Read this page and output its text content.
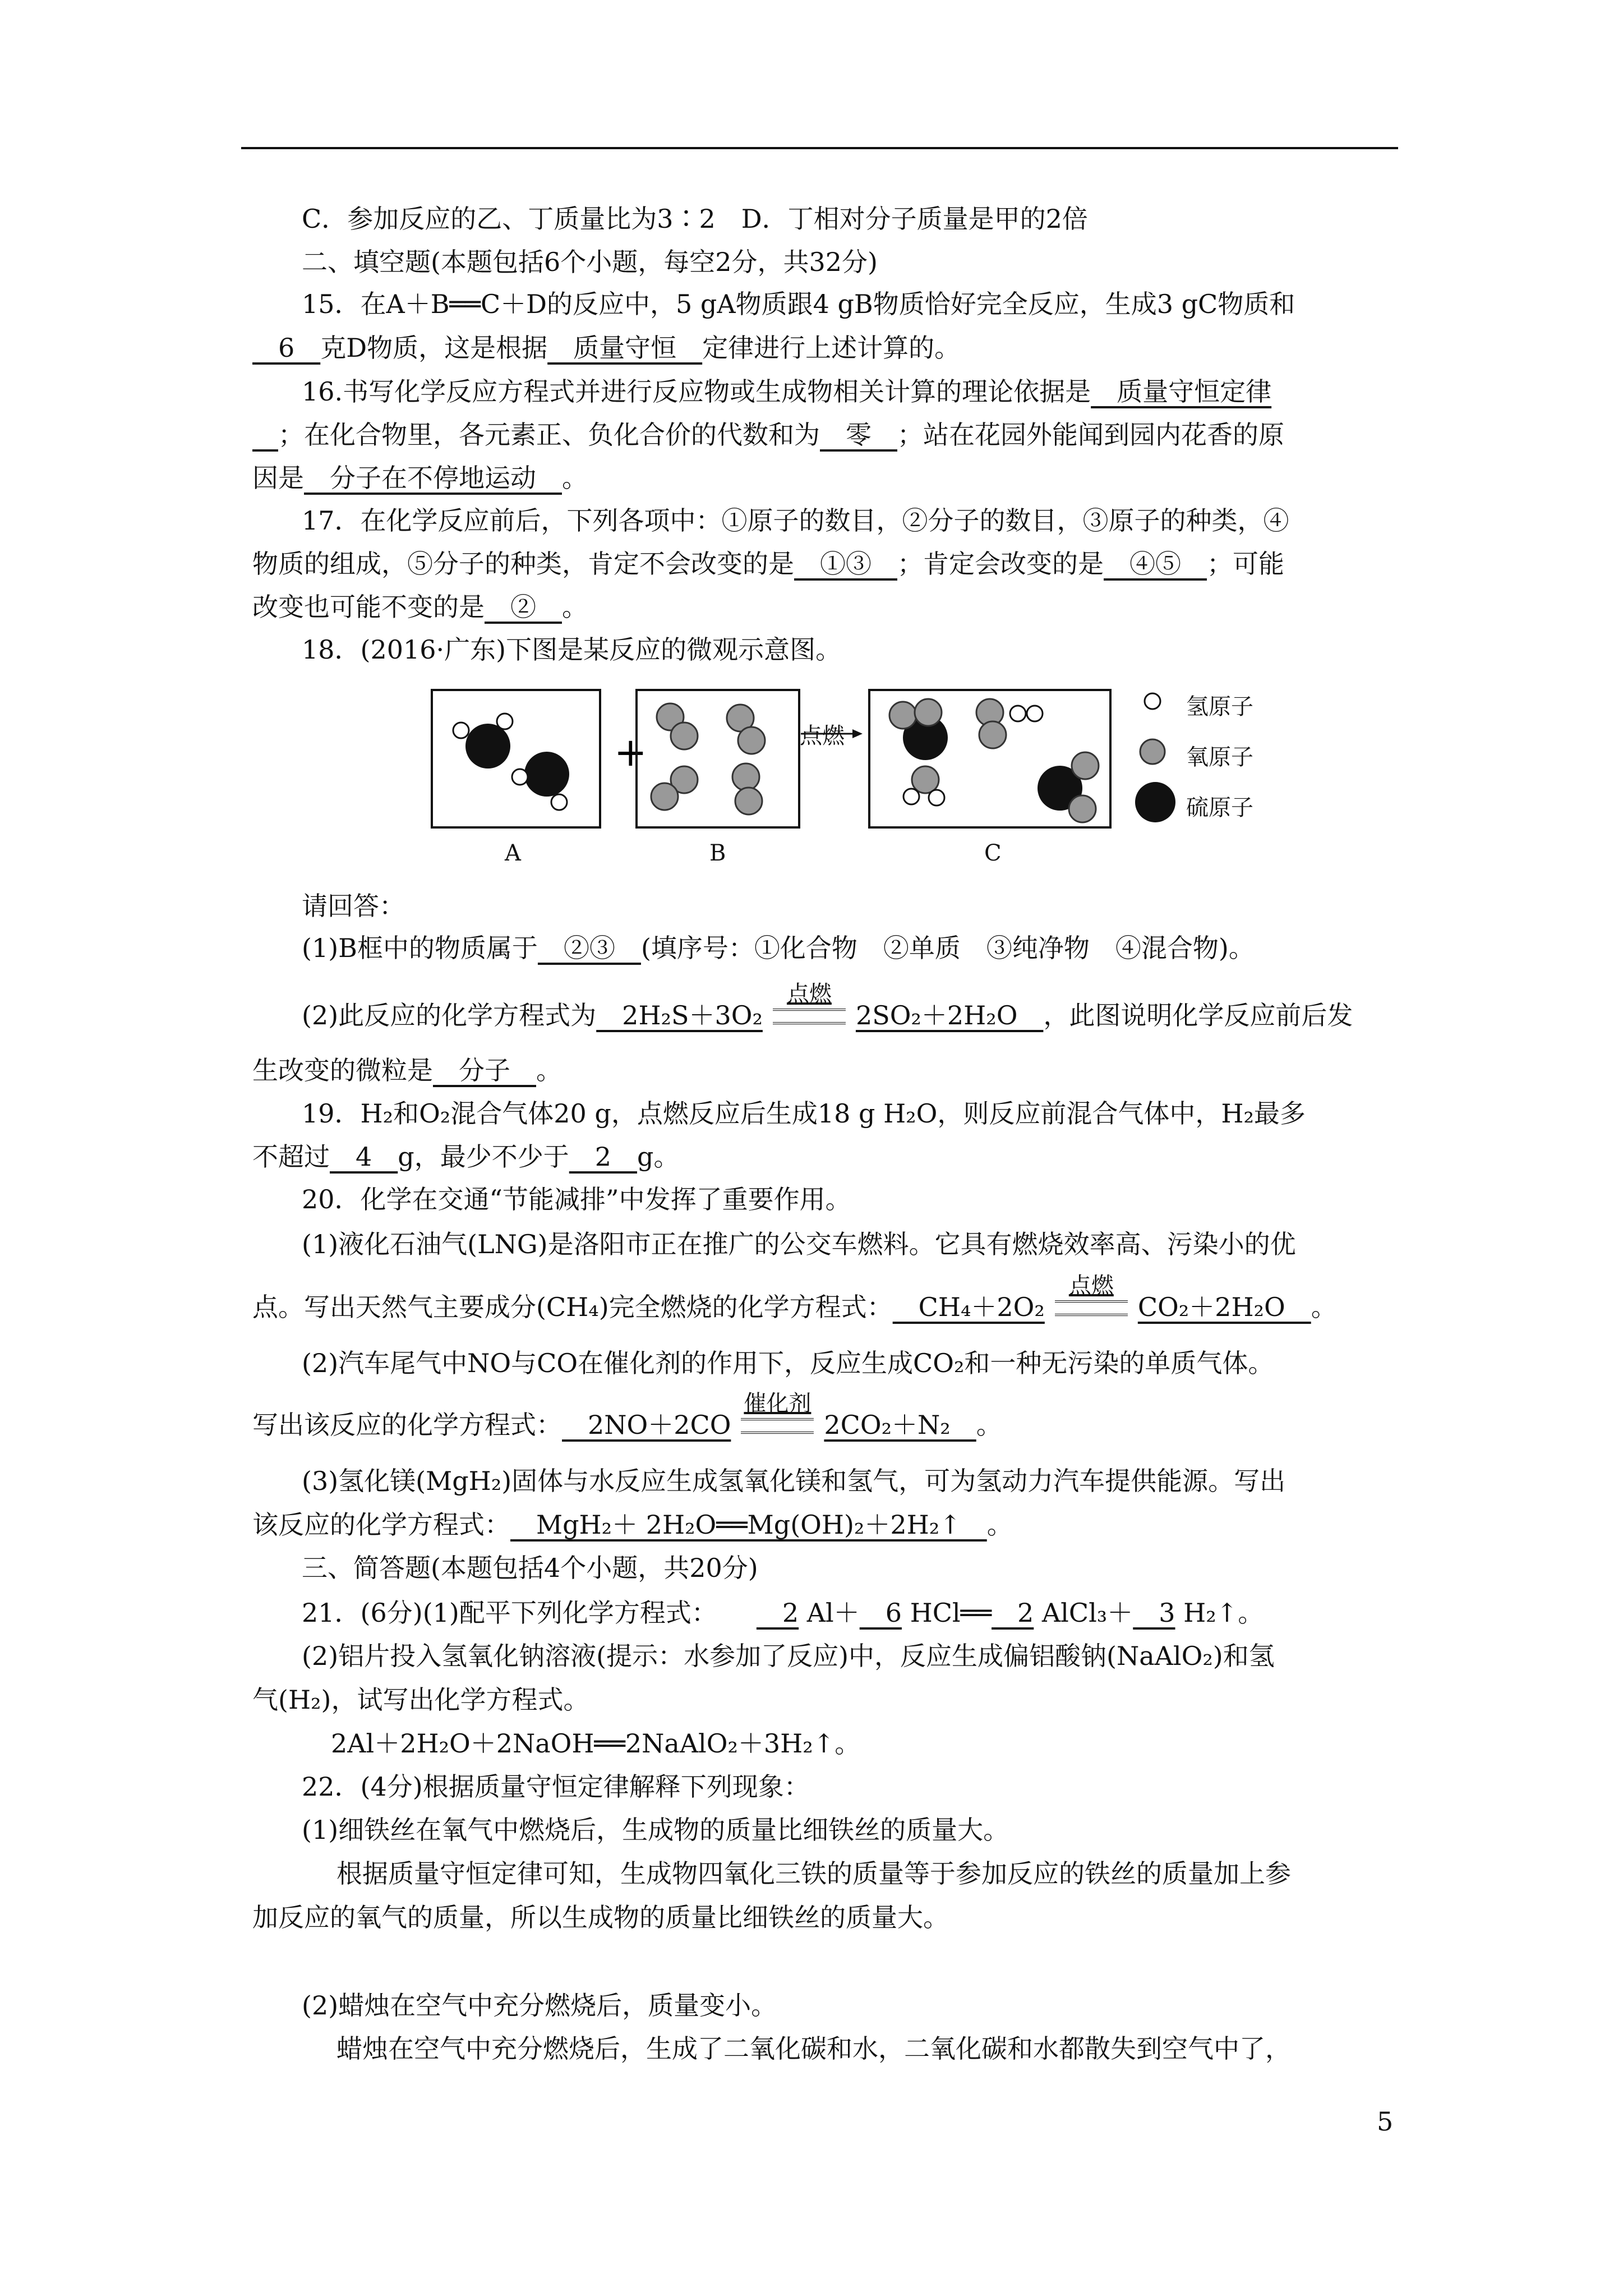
C．参加反应的乙、丁质量比为3∶2　D．丁相对分子质量是甲的2倍
二、填空题(本题包括6个小题，每空2分，共32分)
15．在A＋B══C＋D的反应中，5 gA物质跟4 gB物质恰好完全反应，生成3 gC物质和
　6　克D物质，这是根据　质量守恒　定律进行上述计算的。
16.书写化学反应方程式并进行反应物或生成物相关计算的理论依据是　质量守恒定律
　；在化合物里，各元素正、负化合价的代数和为　零　；站在花园外能闻到园内花香的原
因是　分子在不停地运动　。
17．在化学反应前后，下列各项中：①原子的数目，②分子的数目，③原子的种类，④
物质的组成，⑤分子的种类，肯定不会改变的是　①③　；肯定会改变的是　④⑤　；可能
改变也可能不变的是　②　。
18．(2016·广东)下图是某反应的微观示意图。
+	点燃
氢原子
氧原子
硫原子
A	B	C
请回答：
(1)B框中的物质属于　②③　(填序号：①化合物　②单质　③纯净物　④混合物)。
(2)此反应的化学方程式为　2H₂S＋3O₂
点燃
2SO₂＋2H₂O　，此图说明化学反应前后发
生改变的微粒是　分子　。
19．H₂和O₂混合气体20 g，点燃反应后生成18 g H₂O，则反应前混合气体中，H₂最多
不超过　4　g，最少不少于　2　g。
20．化学在交通“节能减排”中发挥了重要作用。
(1)液化石油气(LNG)是洛阳市正在推广的公交车燃料。它具有燃烧效率高、污染小的优
点。写出天然气主要成分(CH₄)完全燃烧的化学方程式：　CH₄＋2O₂
点燃
CO₂＋2H₂O　。
(2)汽车尾气中NO与CO在催化剂的作用下，反应生成CO₂和一种无污染的单质气体。
写出该反应的化学方程式：　2NO＋2CO
催化剂
2CO₂＋N₂　。
(3)氢化镁(MgH₂)固体与水反应生成氢氧化镁和氢气，可为氢动力汽车提供能源。写出
该反应的化学方程式：　MgH₂＋ 2H₂O══Mg(OH)₂＋2H₂↑　。
三、简答题(本题包括4个小题，共20分)
21．(6分)(1)配平下列化学方程式：　2 Al＋　6 HCl══　2 AlCl₃＋　3 H₂↑。
(2)铝片投入氢氧化钠溶液(提示：水参加了反应)中，反应生成偏铝酸钠(NaAlO₂)和氢
气(H₂)，试写出化学方程式。
2Al＋2H₂O＋2NaOH══2NaAlO₂＋3H₂↑。
22．(4分)根据质量守恒定律解释下列现象：
(1)细铁丝在氧气中燃烧后，生成物的质量比细铁丝的质量大。
根据质量守恒定律可知，生成物四氧化三铁的质量等于参加反应的铁丝的质量加上参
加反应的氧气的质量，所以生成物的质量比细铁丝的质量大。
(2)蜡烛在空气中充分燃烧后，质量变小。
蜡烛在空气中充分燃烧后，生成了二氧化碳和水，二氧化碳和水都散失到空气中了，
5
